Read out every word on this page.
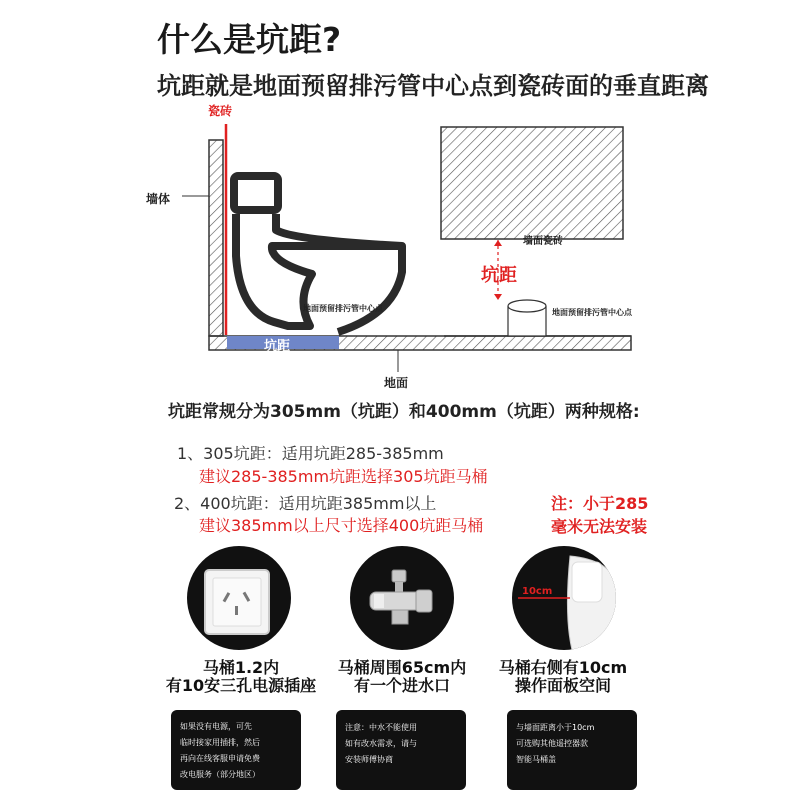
什么是坑距?
坑距就是地面预留排污管中心点到瓷砖面的垂直距离
瓷砖
墙体
地面预留排污管中心点
坑距
地面
墙面瓷砖
坑距
地面预留排污管中心点
坑距常规分为305mm（坑距）和400mm（坑距）两种规格:
1、305坑距：适用坑距285-385mm
建议285-385mm坑距选择305坑距马桶
2、400坑距：适用坑距385mm以上
建议385mm以上尺寸选择400坑距马桶
注：小于285
毫米无法安装
马桶1.2内
有10安三孔电源插座
如果没有电源，可先
临时接家用插排，然后
再向在线客服申请免费
改电服务（部分地区）
马桶周围65cm内
有一个进水口
注意：中水不能使用
如有改水需求，请与
安装师傅协商
10cm
马桶右侧有10cm
操作面板空间
与墙面距离小于10cm
可选购其他遥控器款
智能马桶盖
